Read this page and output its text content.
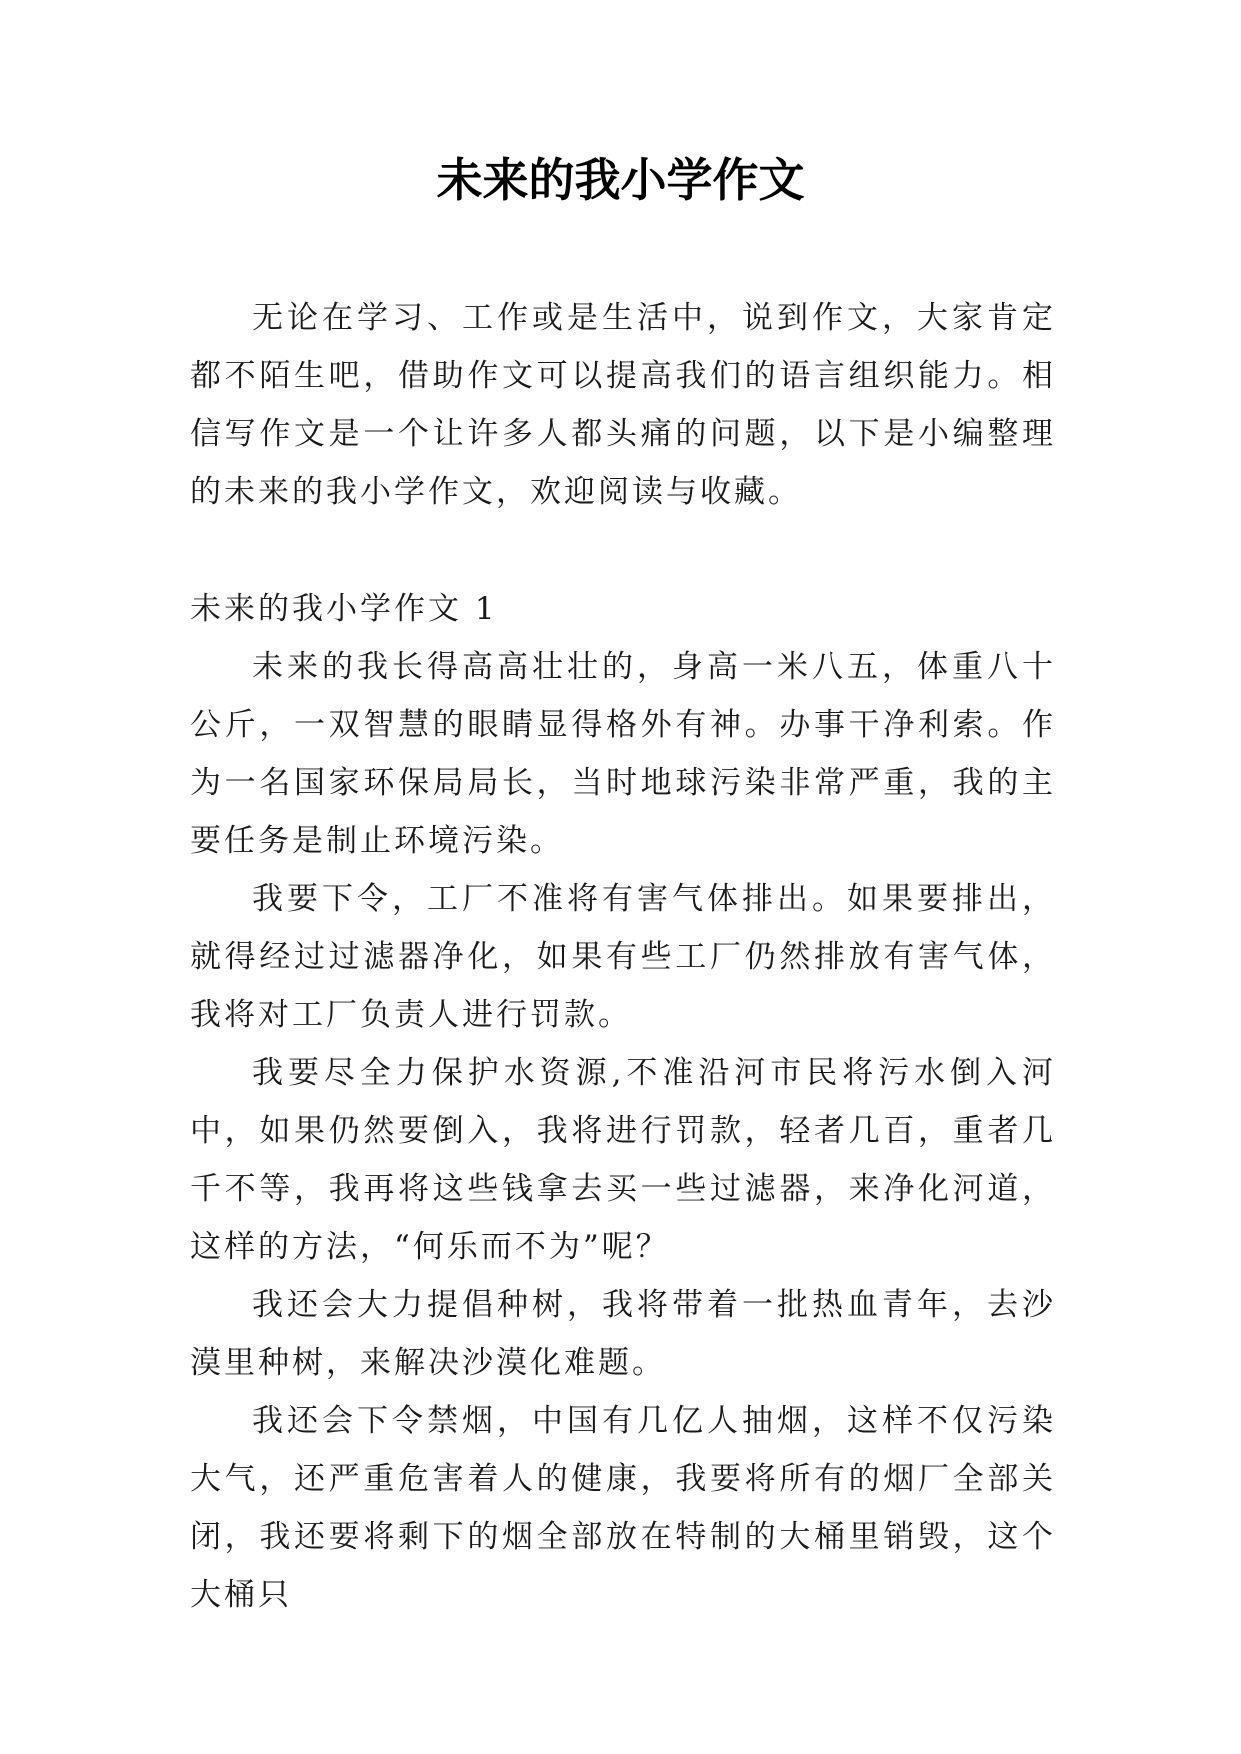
未来的我小学作文

无论在学习、工作或是生活中，说到作文，大家肯定都不陌生吧，借助作文可以提高我们的语言组织能力。相信写作文是一个让许多人都头痛的问题，以下是小编整理的未来的我小学作文，欢迎阅读与收藏。

未来的我小学作文 1

未来的我长得高高壮壮的，身高一米八五，体重八十公斤，一双智慧的眼睛显得格外有神。办事干净利索。作为一名国家环保局局长，当时地球污染非常严重，我的主要任务是制止环境污染。

我要下令，工厂不准将有害气体排出。如果要排出，就得经过过滤器净化，如果有些工厂仍然排放有害气体，我将对工厂负责人进行罚款。

我要尽全力保护水资源,不准沿河市民将污水倒入河中，如果仍然要倒入，我将进行罚款，轻者几百，重者几千不等，我再将这些钱拿去买一些过滤器，来净化河道，这样的方法，“何乐而不为”呢？

我还会大力提倡种树，我将带着一批热血青年，去沙漠里种树，来解决沙漠化难题。

我还会下令禁烟，中国有几亿人抽烟，这样不仅污染大气，还严重危害着人的健康，我要将所有的烟厂全部关闭，我还要将剩下的烟全部放在特制的大桶里销毁，这个大桶只
